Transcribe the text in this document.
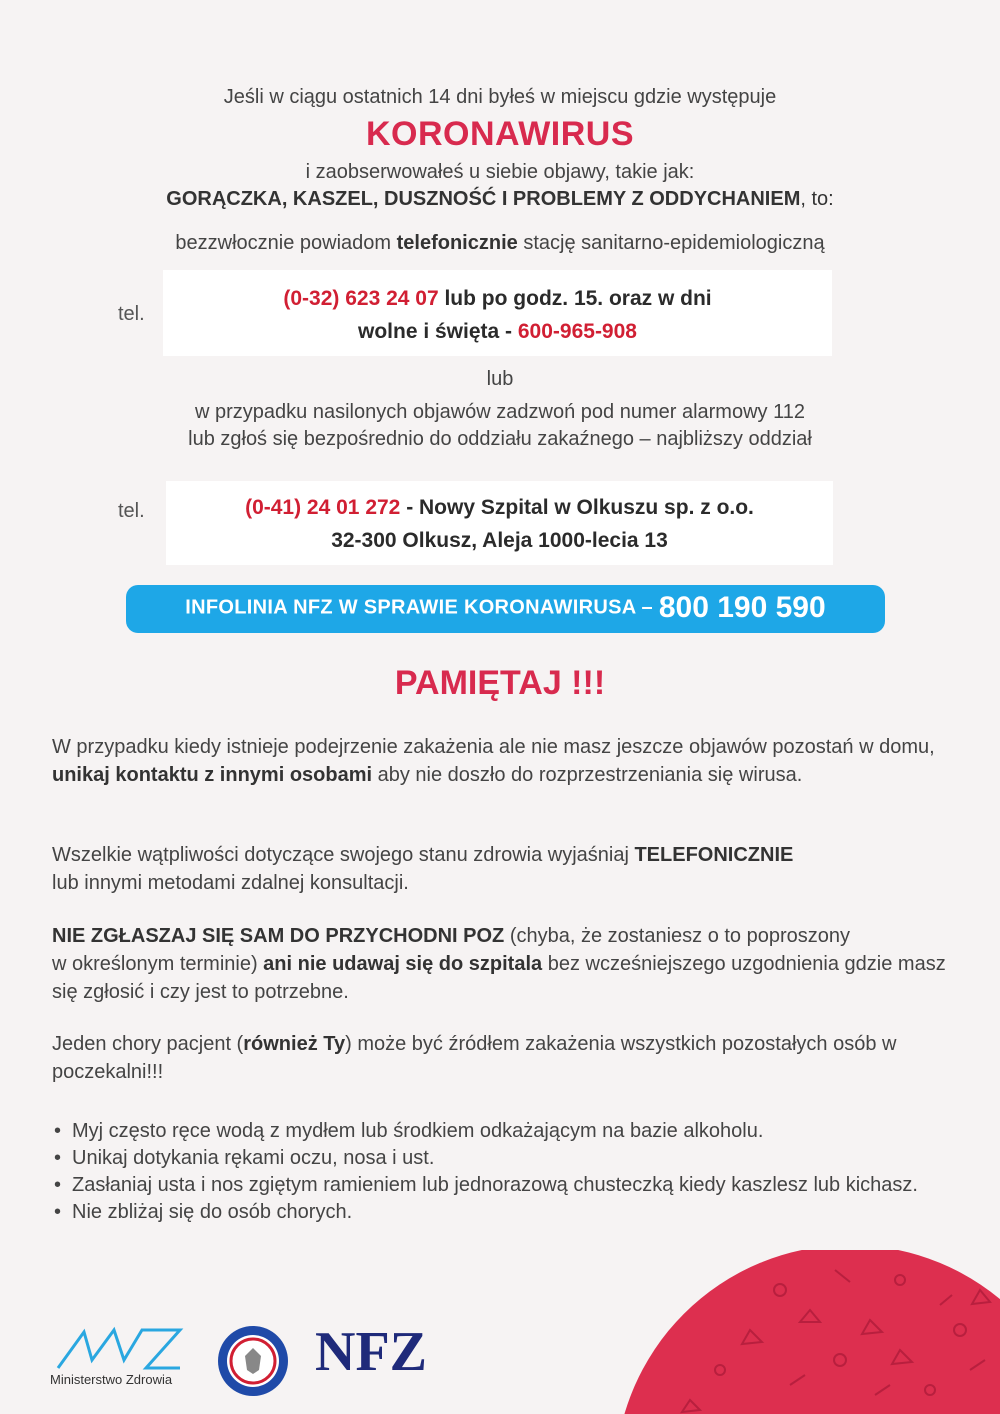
Jeśli w ciągu ostatnich 14 dni byłeś w miejscu gdzie występuje
KORONAWIRUS
i zaobserwowałeś u siebie objawy, takie jak:
GORĄCZKA, KASZEL, DUSZNOŚĆ I PROBLEMY Z ODDYCHANIEM, to:
bezzwłocznie powiadom telefonicznie stację sanitarno-epidemiologiczną
tel.
(0-32) 623 24 07 lub po godz. 15. oraz w dni
wolne i święta - 600-965-908
lub
w przypadku nasilonych objawów zadzwoń pod numer alarmowy 112
lub zgłoś się bezpośrednio do oddziału zakaźnego – najbliższy oddział
tel.	(0-41) 24 01 272 - Nowy Szpital w Olkuszu sp. z o.o.
32-300 Olkusz, Aleja 1000-lecia 13
INFOLINIA NFZ W SPRAWIE KORONAWIRUSA – 800 190 590
PAMIĘTAJ !!!
W przypadku kiedy istnieje podejrzenie zakażenia ale nie masz jeszcze objawów pozostań w domu, unikaj kontaktu z innymi osobami aby nie doszło do rozprzestrzeniania się wirusa.
Wszelkie wątpliwości dotyczące swojego stanu zdrowia wyjaśniaj TELEFONICZNIE
lub innymi metodami zdalnej konsultacji.
NIE ZGŁASZAJ SIĘ SAM DO PRZYCHODNI POZ (chyba, że zostaniesz o to poproszony
w określonym terminie) ani nie udawaj się do szpitala bez wcześniejszego uzgodnienia gdzie masz się zgłosić i czy jest to potrzebne.
Jeden chory pacjent (również Ty) może być źródłem zakażenia wszystkich pozostałych osób w poczekalni!!!
• Myj często ręce wodą z mydłem lub środkiem odkażającym na bazie alkoholu.
• Unikaj dotykania rękami oczu, nosa i ust.
• Zasłaniaj usta i nos zgiętym ramieniem lub jednorazową chusteczką kiedy kaszlesz lub kichasz.
• Nie zbliżaj się do osób chorych.
Ministerstwo Zdrowia	NFZ
